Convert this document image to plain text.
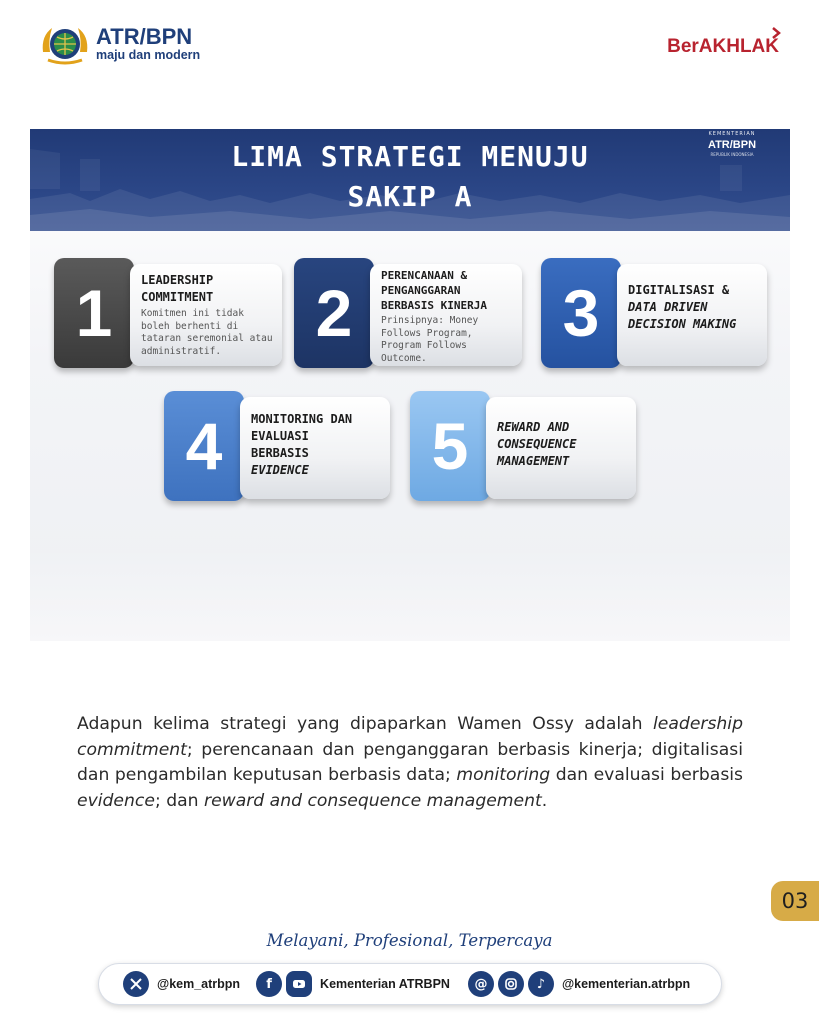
ATR/BPN
maju dan modern	BerAKHLAK
LIMA STRATEGI MENUJU
SAKIP A
KEMENTERIAN
ATR/BPN
REPUBLIK INDONESIA
1	LEADERSHIP COMMITMENT
Komitmen ini tidak boleh berhenti di tataran seremonial atau administratif.
2
PERENCANAAN & PENGANGGARAN BERBASIS KINERJA
Prinsipnya: Money Follows Program, Program Follows Outcome.
3	DIGITALISASI & DATA DRIVEN DECISION MAKING
4	MONITORING DAN EVALUASI BERBASIS EVIDENCE	5	REWARD AND CONSEQUENCE MANAGEMENT

Adapun kelima strategi yang dipaparkan Wamen Ossy adalah leadership commitment; perencanaan dan penganggaran berbasis kinerja; digitalisasi dan pengambilan keputusan berbasis data; monitoring dan evaluasi berbasis evidence; dan reward and consequence management.

03
Melayani, Profesional, Terpercaya
@kem_atrbpn	f	Kementerian ATRBPN	@	♪	@kementerian.atrbpn
